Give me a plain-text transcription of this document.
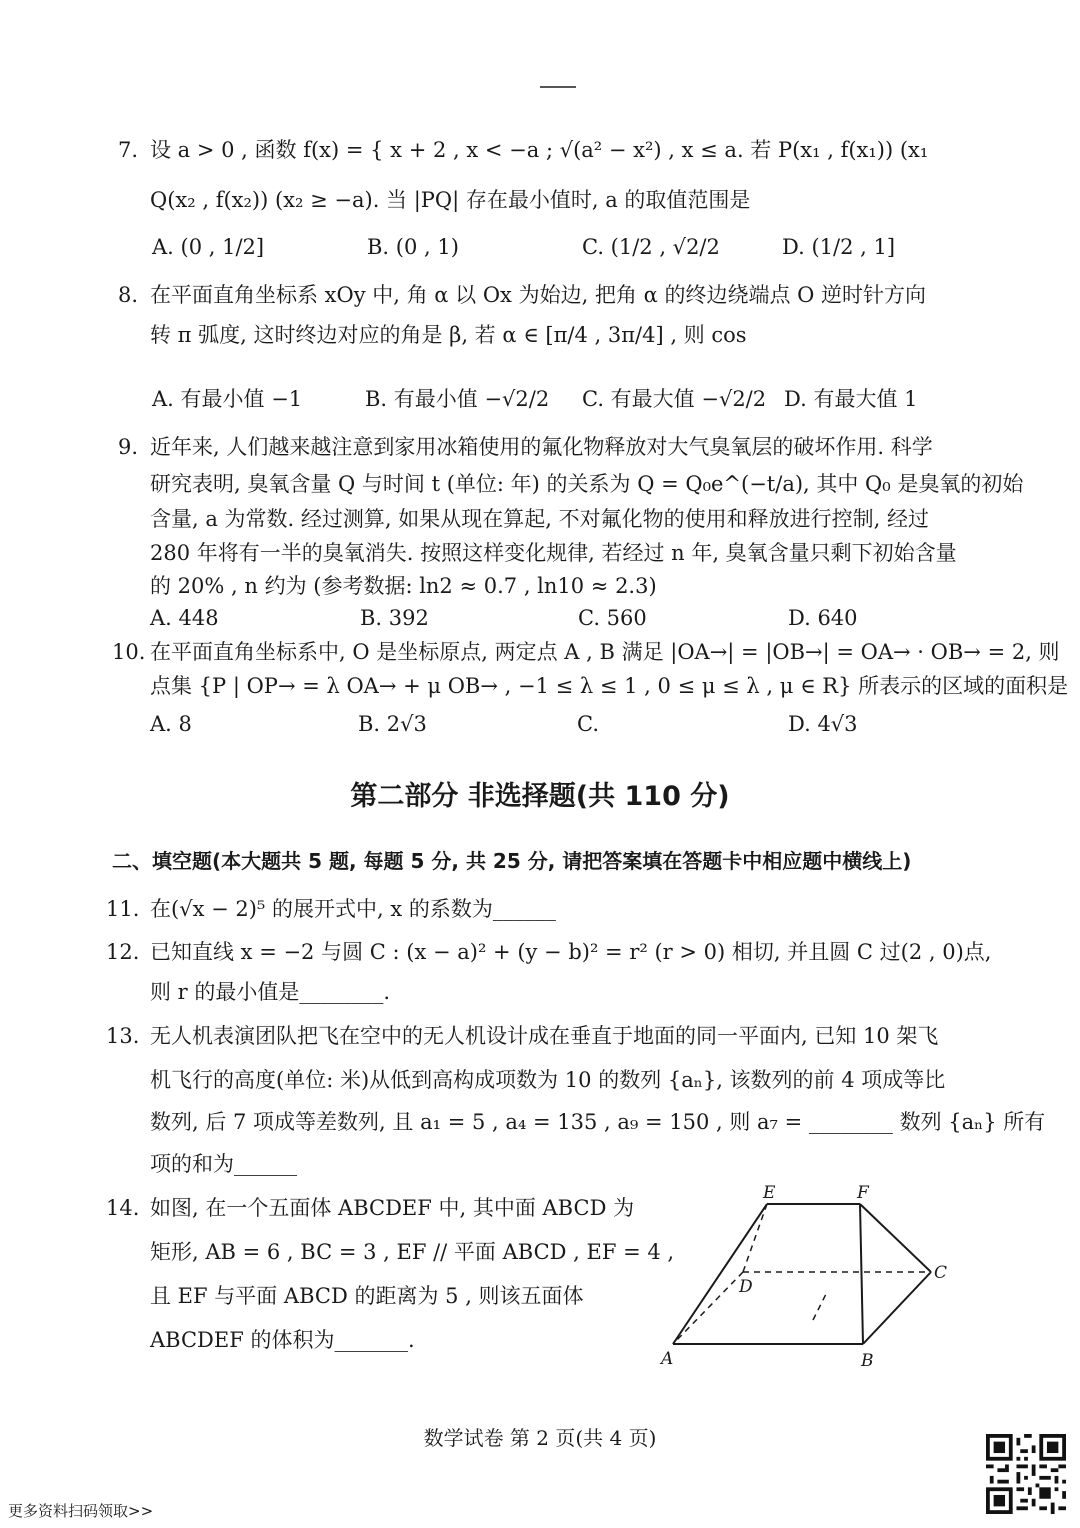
7. 设 a > 0 , 函数 f(x) = { x + 2 , x < −a ; √(a² − x²) , x ≤ a. 若 P(x₁ , f(x₁)) (x₁
Q(x₂ , f(x₂)) (x₂ ≥ −a). 当 |PQ| 存在最小值时, a 的取值范围是
A. (0 , 1/2]	B. (0 , 1)	C. (1/2 , √2/2	D. (1/2 , 1]
8. 在平面直角坐标系 xOy 中, 角 α 以 Ox 为始边, 把角 α 的终边绕端点 O 逆时针方向
转 π 弧度, 这时终边对应的角是 β, 若 α ∈ [π/4 , 3π/4] , 则 cos
A. 有最小值 −1	B. 有最小值 −√2/2 C. 有最大值 −√2/2 D. 有最大值 1
9. 近年来, 人们越来越注意到家用冰箱使用的氟化物释放对大气臭氧层的破坏作用. 科学
研究表明, 臭氧含量 Q 与时间 t (单位: 年) 的关系为 Q = Q₀e^(−t/a), 其中 Q₀ 是臭氧的初始
含量, a 为常数. 经过测算, 如果从现在算起, 不对氟化物的使用和释放进行控制, 经过
280 年将有一半的臭氧消失. 按照这样变化规律, 若经过 n 年, 臭氧含量只剩下初始含量
的 20% , n 约为 (参考数据: ln2 ≈ 0.7 , ln10 ≈ 2.3)
A. 448	B. 392	C. 560	D. 640
10. 在平面直角坐标系中, O 是坐标原点, 两定点 A , B 满足 |OA→| = |OB→| = OA→ · OB→ = 2, 则
点集 {P | OP→ = λ OA→ + μ OB→ , −1 ≤ λ ≤ 1 , 0 ≤ μ ≤ λ , μ ∈ R} 所表示的区域的面积是
A. 8	B. 2√3	C.	D. 4√3
第二部分 非选择题(共 110 分)
二、填空题(本大题共 5 题, 每题 5 分, 共 25 分, 请把答案填在答题卡中相应题中横线上)
11. 在(√x − 2)⁵ 的展开式中, x 的系数为______
12. 已知直线 x = −2 与圆 C : (x − a)² + (y − b)² = r² (r > 0) 相切, 并且圆 C 过(2 , 0)点,
则 r 的最小值是________.
13. 无人机表演团队把飞在空中的无人机设计成在垂直于地面的同一平面内, 已知 10 架飞
机飞行的高度(单位: 米)从低到高构成项数为 10 的数列 {aₙ}, 该数列的前 4 项成等比
数列, 后 7 项成等差数列, 且 a₁ = 5 , a₄ = 135 , a₉ = 150 , 则 a₇ = ________ 数列 {aₙ} 所有
项的和为______
14. 如图, 在一个五面体 ABCDEF 中, 其中面 ABCD 为
矩形, AB = 6 , BC = 3 , EF // 平面 ABCD , EF = 4 ,
且 EF 与平面 ABCD 的距离为 5 , 则该五面体
ABCDEF 的体积为_______.
E	F
D
C
A	B
数学试卷 第 2 页(共 4 页)
更多资料扫码领取>>
